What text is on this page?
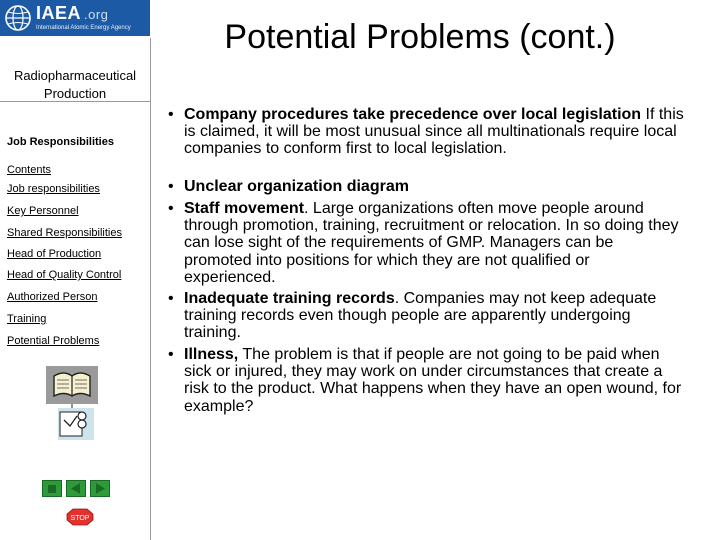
IAEA .org
International Atomic Energy Agency	Potential Problems (cont.)
Radiopharmaceutical
Production
Job Responsibilities
Contents
Job responsibilities
Key Personnel
Shared Responsibilities
Head of Production
Head of Quality Control
Authorized Person
Training
Potential Problems
STOP
• Company procedures take precedence over local legislation If this is claimed, it will be most unusual since all multinationals require local companies to conform first to local legislation.
• Unclear organization diagram
• Staff movement. Large organizations often move people around through promotion, training, recruitment or relocation. In so doing they can lose sight of the requirements of GMP. Managers can be promoted into positions for which they are not qualified or experienced.
• Inadequate training records. Companies may not keep adequate training records even though people are apparently undergoing training.
• Illness, The problem is that if people are not going to be paid when sick or injured, they may work on under circumstances that create a risk to the product. What happens when they have an open wound, for example?
